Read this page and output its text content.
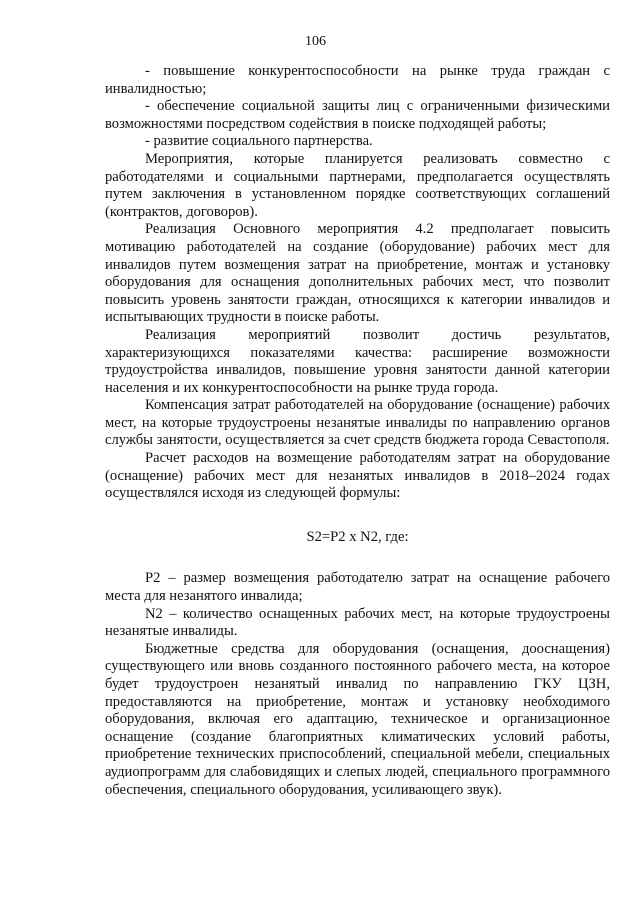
106

- повышение конкурентоспособности на рынке труда граждан с инвалидностью;

- обеспечение социальной защиты лиц с ограниченными физическими возможностями посредством содействия в поиске подходящей работы;

- развитие социального партнерства.

Мероприятия, которые планируется реализовать совместно с работодателями и социальными партнерами, предполагается осуществлять путем заключения в установленном порядке соответствующих соглашений (контрактов, договоров).

Реализация Основного мероприятия 4.2 предполагает повысить мотивацию работодателей на создание (оборудование) рабочих мест для инвалидов путем возмещения затрат на приобретение, монтаж и установку оборудования для оснащения дополнительных рабочих мест, что позволит повысить уровень занятости граждан, относящихся к категории инвалидов и испытывающих трудности в поиске работы.

Реализация мероприятий позволит достичь результатов, характеризующихся показателями качества: расширение возможности трудоустройства инвалидов, повышение уровня занятости данной категории населения и их конкурентоспособности на рынке труда города.

Компенсация затрат работодателей на оборудование (оснащение) рабочих мест, на которые трудоустроены незанятые инвалиды по направлению органов службы занятости, осуществляется за счет средств бюджета города Севастополя.

Расчет расходов на возмещение работодателям затрат на оборудование (оснащение) рабочих мест для незанятых инвалидов в 2018–2024 годах осуществлялся исходя из следующей формулы:

S2=P2 x N2, где:

P2 – размер возмещения работодателю затрат на оснащение рабочего места для незанятого инвалида;

N2 – количество оснащенных рабочих мест, на которые трудоустроены незанятые инвалиды.

Бюджетные средства для оборудования (оснащения, дооснащения) существующего или вновь созданного постоянного рабочего места, на которое будет трудоустроен незанятый инвалид по направлению ГКУ ЦЗН, предоставляются на приобретение, монтаж и установку необходимого оборудования, включая его адаптацию, техническое и организационное оснащение (создание благоприятных климатических условий работы, приобретение технических приспособлений, специальной мебели, специальных аудиопрограмм для слабовидящих и слепых людей, специального программного обеспечения, специального оборудования, усиливающего звук).
